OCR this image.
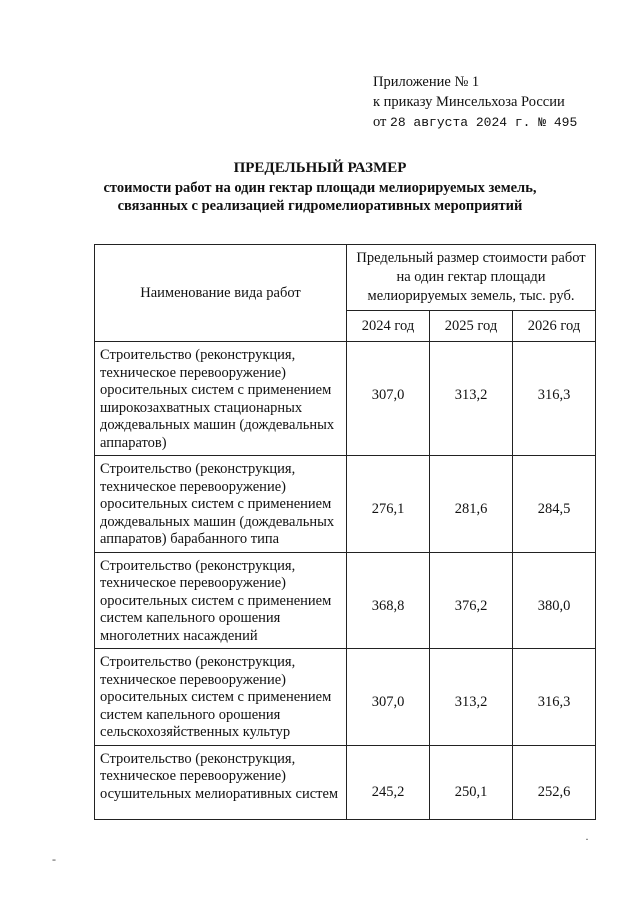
Приложение № 1
к приказу Минсельхоза России
от 28 августа 2024 г. № 495
ПРЕДЕЛЬНЫЙ РАЗМЕР
стоимости работ на один гектар площади мелиорируемых земель,
связанных с реализацией гидромелиоративных мероприятий
Наименование вида работ	Предельный размер стоимости работ на один гектар площади мелиорируемых земель, тыс. руб.		
	2024 год	2025 год	2026 год
Строительство (реконструкция, техническое перевооружение) оросительных систем с применением широкозахватных стационарных дождевальных машин (дождевальных аппаратов)	307,0	313,2	316,3
Строительство (реконструкция, техническое перевооружение) оросительных систем с применением дождевальных машин (дождевальных аппаратов) барабанного типа	276,1	281,6	284,5
Строительство (реконструкция, техническое перевооружение) оросительных систем с применением систем капельного орошения многолетних насаждений	368,8	376,2	380,0
Строительство (реконструкция, техническое перевооружение) оросительных систем с применением систем капельного орошения сельскохозяйственных культур	307,0	313,2	316,3
Строительство (реконструкция, техническое перевооружение) осушительных мелиоративных систем	245,2	250,1	252,6
-
·
